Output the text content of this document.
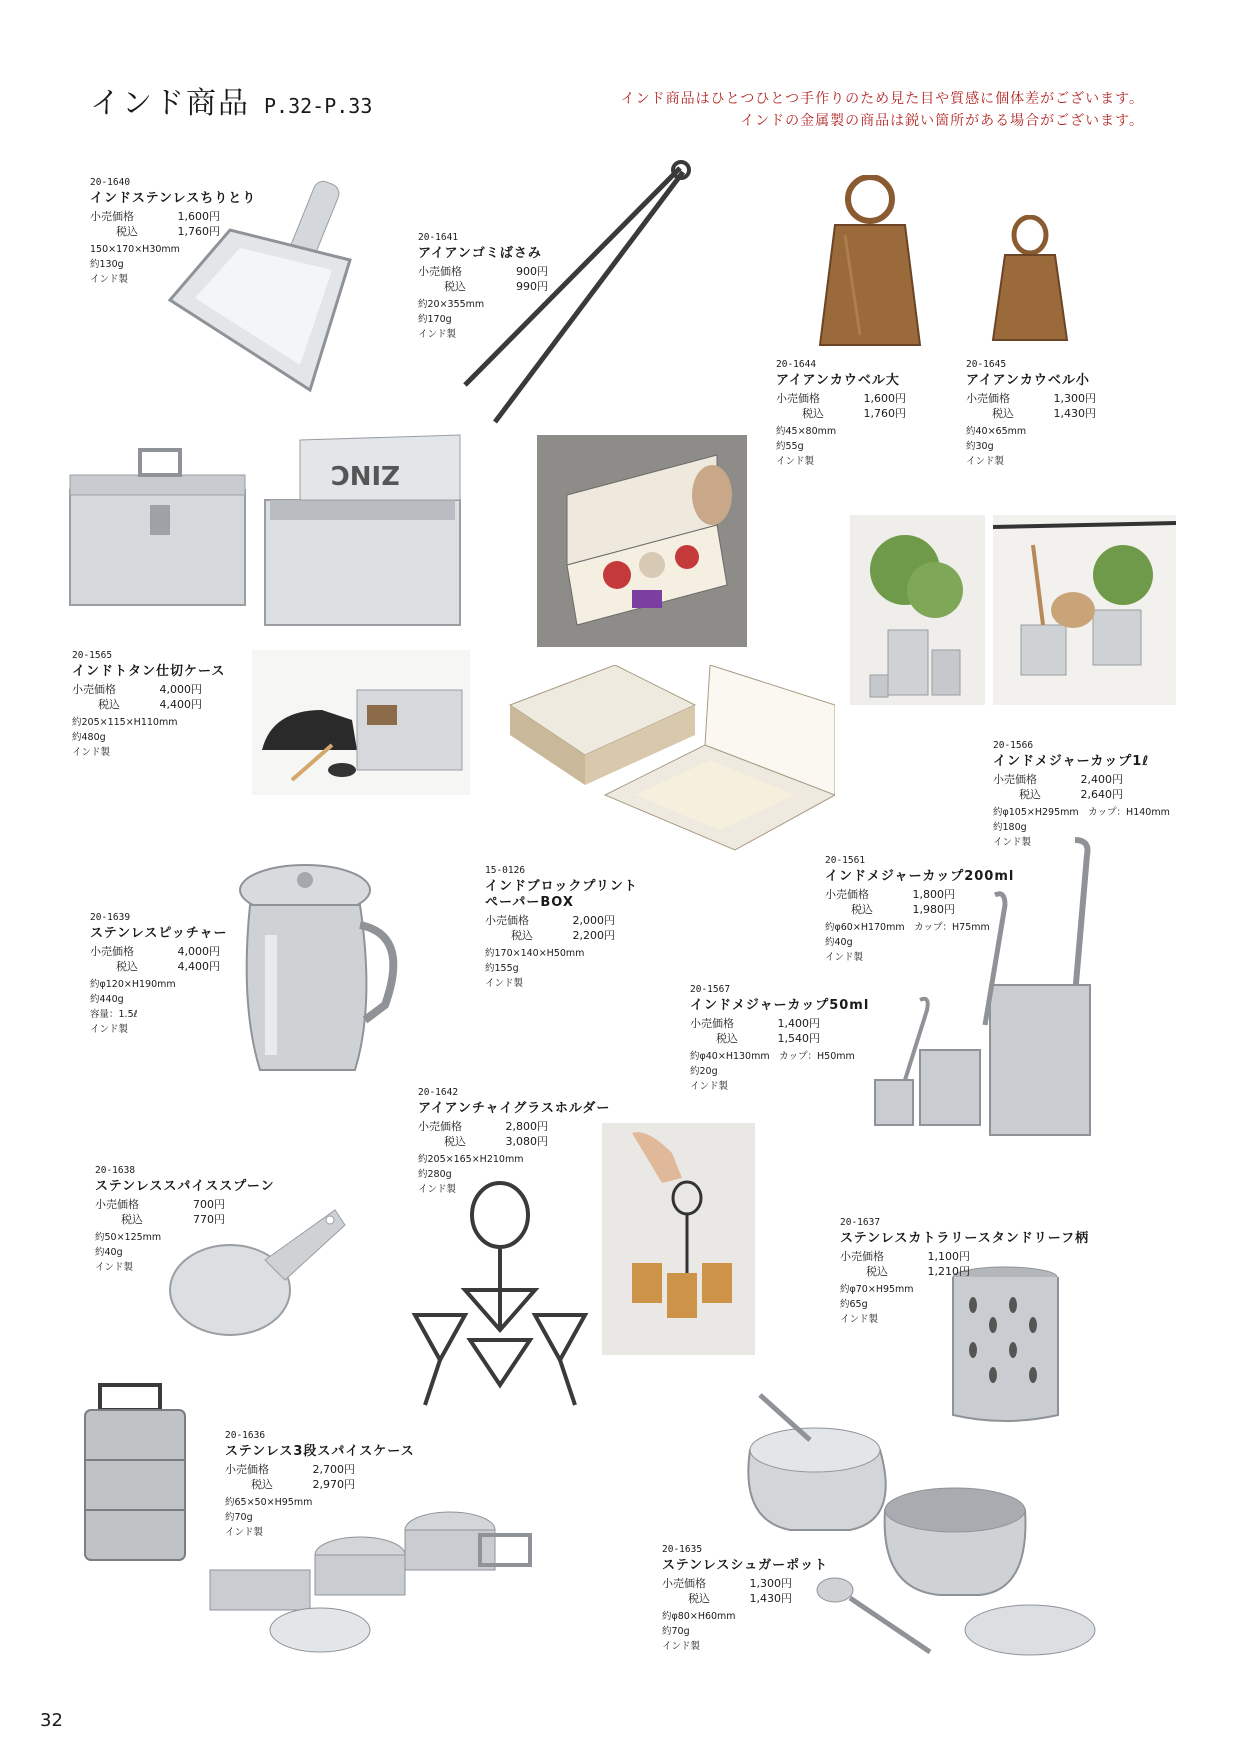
インド商品 P.32-P.33	インド商品はひとつひとつ手作りのため見た目や質感に個体差がございます。
インドの金属製の商品は鋭い箇所がある場合がございます。
ZINC
20-1640
インドステンレスちりとり
小売価格	1,600円
税込	1,760円
150×170×H30mm
約130g
インド製
20-1641
アイアンゴミばさみ
小売価格	900円
税込	990円
約20×355mm
約170g
インド製
20-1644
アイアンカウベル大
小売価格	1,600円
税込	1,760円
約45×80mm
約55g
インド製
20-1645
アイアンカウベル小
小売価格	1,300円
税込	1,430円
約40×65mm
約30g
インド製
20-1565
インドトタン仕切ケース
小売価格	4,000円
税込	4,400円
約205×115×H110mm
約480g
インド製
20-1566
インドメジャーカップ1ℓ
小売価格	2,400円
税込	2,640円
約φ105×H295mm　カップ：H140mm
約180g
インド製
20-1561
インドメジャーカップ200ml
小売価格	1,800円
税込	1,980円
約φ60×H170mm　カップ：H75mm
約40g
インド製
15-0126
インドブロックプリント
ペーパーBOX
小売価格	2,000円
税込	2,200円
約170×140×H50mm
約155g
インド製
20-1639
ステンレスピッチャー
小売価格	4,000円
税込	4,400円
約φ120×H190mm
約440g
容量：1.5ℓ
インド製
20-1567
インドメジャーカップ50ml
小売価格	1,400円
税込	1,540円
約φ40×H130mm　カップ：H50mm
約20g
インド製
20-1642
アイアンチャイグラスホルダー
小売価格	2,800円
税込	3,080円
約205×165×H210mm
約280g
インド製
20-1638
ステンレススパイススプーン
小売価格	700円
税込	770円
約50×125mm
約40g
インド製
20-1637
ステンレスカトラリースタンドリーフ柄
小売価格	1,100円
税込	1,210円
約φ70×H95mm
約65g
インド製
20-1636
ステンレス3段スパイスケース
小売価格	2,700円
税込	2,970円
約65×50×H95mm
約70g
インド製
20-1635
ステンレスシュガーポット
小売価格	1,300円
税込	1,430円
約φ80×H60mm
約70g
インド製
32
